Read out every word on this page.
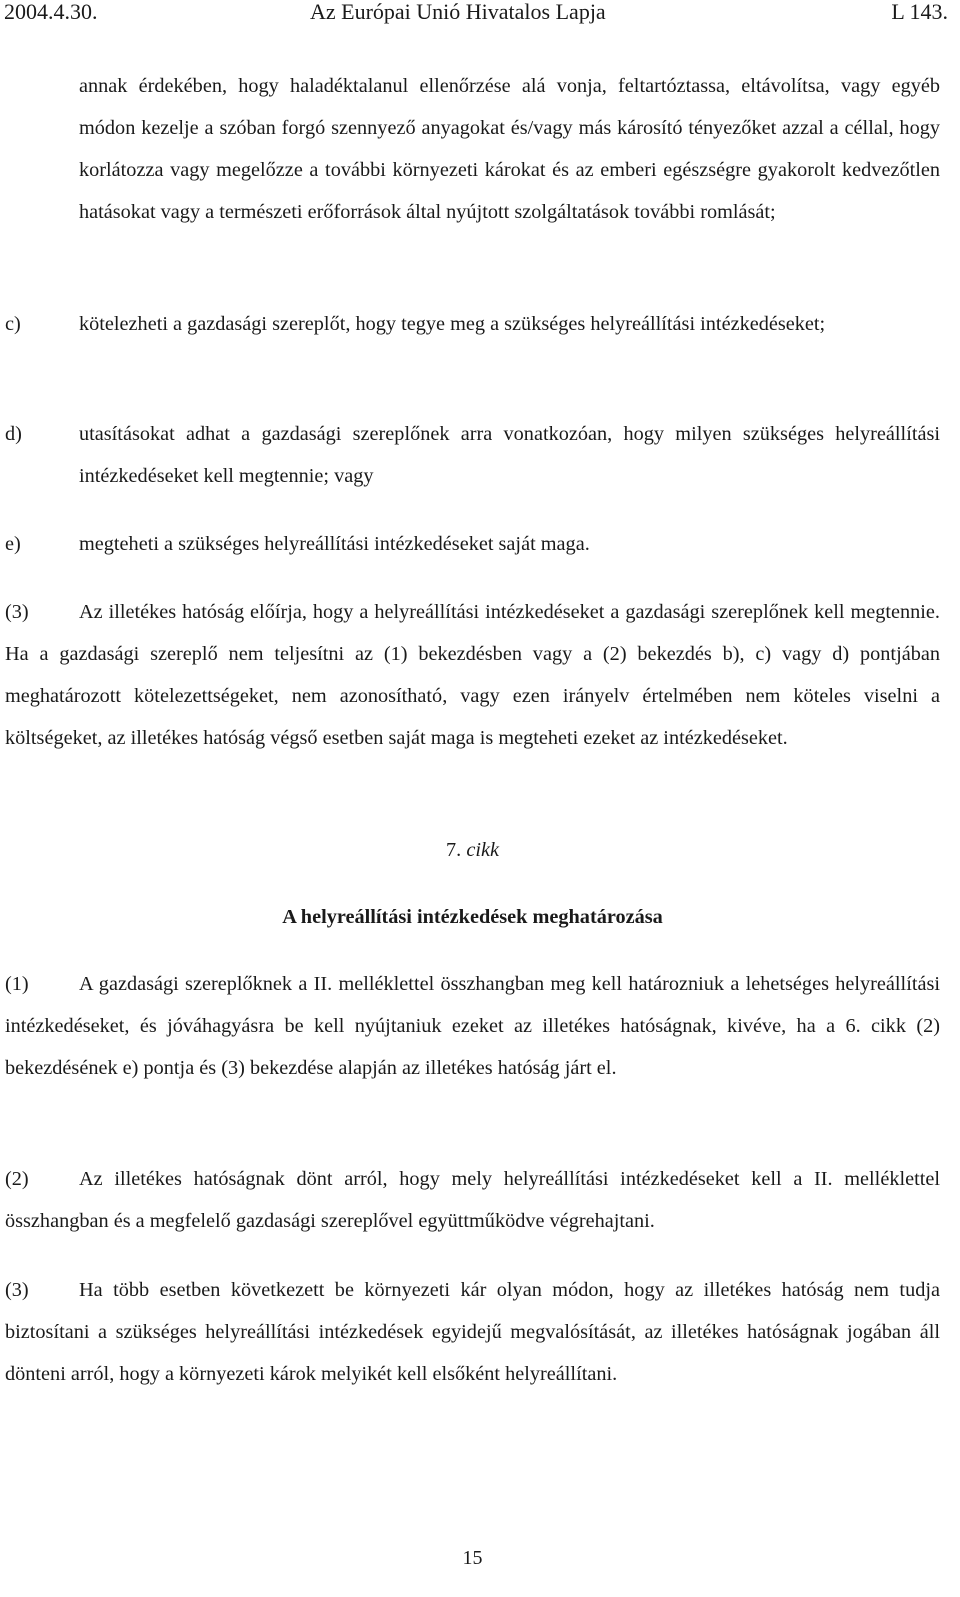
2004.4.30.	Az Európai Unió Hivatalos Lapja	L 143.

annak érdekében, hogy haladéktalanul ellenőrzése alá vonja, feltartóztassa, eltávolítsa, vagy egyéb módon kezelje a szóban forgó szennyező anyagokat és/vagy más károsító tényezőket azzal a céllal, hogy korlátozza vagy megelőzze a további környezeti károkat és az emberi egészségre gyakorolt kedvezőtlen hatásokat vagy a természeti erőforrások által nyújtott szolgáltatások további romlását;

c)	kötelezheti a gazdasági szereplőt, hogy tegye meg a szükséges helyreállítási intézkedéseket;
d)	utasításokat adhat a gazdasági szereplőnek arra vonatkozóan, hogy milyen szükséges helyreállítási intézkedéseket kell megtennie; vagy
e)	megteheti a szükséges helyreállítási intézkedéseket saját maga.

(3) Az illetékes hatóság előírja, hogy a helyreállítási intézkedéseket a gazdasági szereplőnek kell megtennie. Ha a gazdasági szereplő nem teljesítni az (1) bekezdésben vagy a (2) bekezdés b), c) vagy d) pontjában meghatározott kötelezettségeket, nem azonosítható, vagy ezen irányelv értelmében nem köteles viselni a költségeket, az illetékes hatóság végső esetben saját maga is megteheti ezeket az intézkedéseket.

7. cikk

A helyreállítási intézkedések meghatározása

(1) A gazdasági szereplőknek a II. melléklettel összhangban meg kell határozniuk a lehetséges helyreállítási intézkedéseket, és jóváhagyásra be kell nyújtaniuk ezeket az illetékes hatóságnak, kivéve, ha a 6. cikk (2) bekezdésének e) pontja és (3) bekezdése alapján az illetékes hatóság járt el.

(2) Az illetékes hatóságnak dönt arról, hogy mely helyreállítási intézkedéseket kell a II. melléklettel összhangban és a megfelelő gazdasági szereplővel együttműködve végrehajtani.

(3) Ha több esetben következett be környezeti kár olyan módon, hogy az illetékes hatóság nem tudja biztosítani a szükséges helyreállítási intézkedések egyidejű megvalósítását, az illetékes hatóságnak jogában áll dönteni arról, hogy a környezeti károk melyikét kell elsőként helyreállítani.

15
